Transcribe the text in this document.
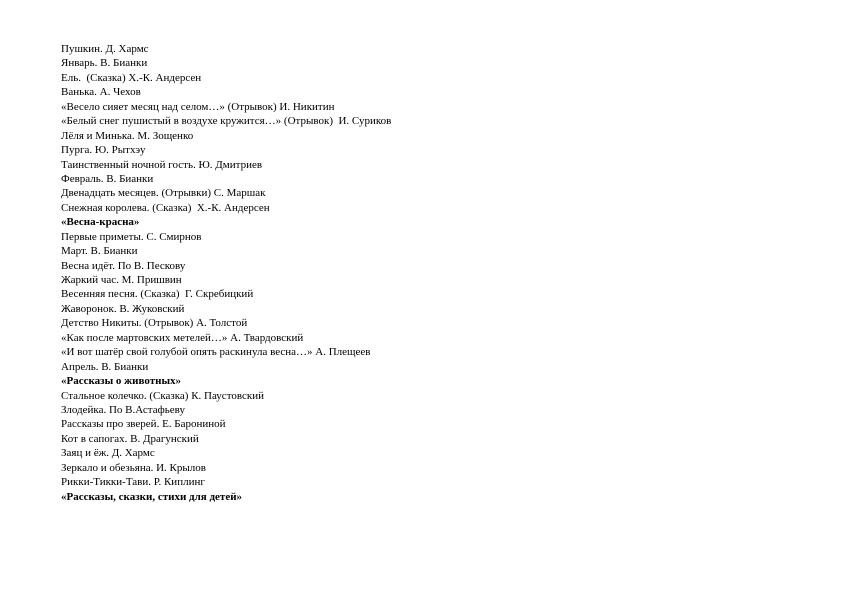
Пушкин. Д. Хармс
Январь. В. Бианки
Ель.  (Сказка) Х.-К. Андерсен
Ванька. А. Чехов
«Весело сияет месяц над селом…» (Отрывок) И. Никитин
«Белый снег пушистый в воздухе кружится…» (Отрывок)  И. Суриков
Лёля и Минька. М. Зощенко
Пурга. Ю. Рытхэу
Таинственный ночной гость. Ю. Дмитриев
Февраль. В. Бианки
Двенадцать месяцев. (Отрывки) С. Маршак
Снежная королева. (Сказка)  Х.-К. Андерсен
«Весна-красна»
Первые приметы. С. Смирнов
Март. В. Бианки
Весна идёт. По В. Пескову
Жаркий час. М. Пришвин
Весенняя песня. (Сказка)  Г. Скребицкий
Жаворонок. В. Жуковский
Детство Никиты. (Отрывок) А. Толстой
«Как после мартовских метелей…» А. Твардовский
«И вот шатёр свой голубой опять раскинула весна…» А. Плещеев
Апрель. В. Бианки
«Рассказы о животных»
Стальное колечко. (Сказка) К. Паустовский
Злодейка. По В.Астафьеву
Рассказы про зверей. Е. Барониной
Кот в сапогах. В. Драгунский
Заяц и ёж. Д. Хармс
Зеркало и обезьяна. И. Крылов
Рикки-Тикки-Тави. Р. Киплинг
«Рассказы, сказки, стихи для детей»
